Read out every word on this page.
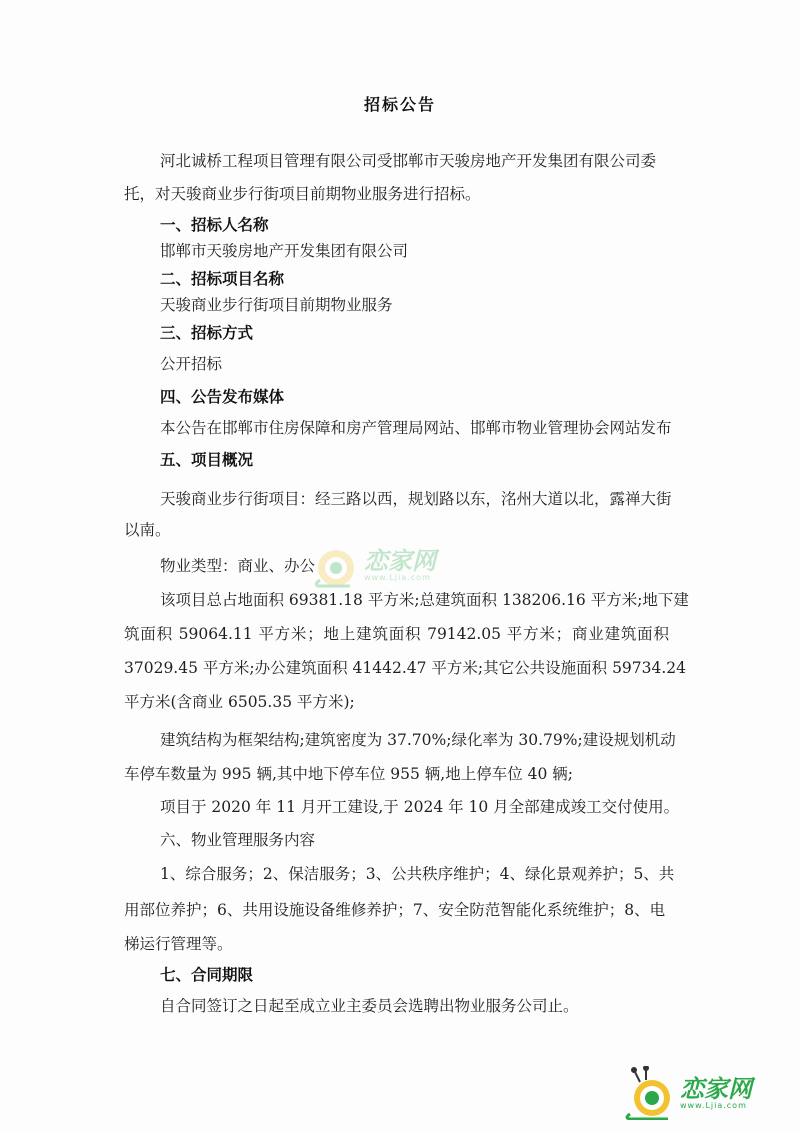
招标公告
河北诚桥工程项目管理有限公司受邯郸市天骏房地产开发集团有限公司委
托，对天骏商业步行街项目前期物业服务进行招标。
一、招标人名称
邯郸市天骏房地产开发集团有限公司
二、招标项目名称
天骏商业步行街项目前期物业服务
三、招标方式
公开招标
四、公告发布媒体
本公告在邯郸市住房保障和房产管理局网站、邯郸市物业管理协会网站发布
五、项目概况
天骏商业步行街项目：经三路以西，规划路以东，洺州大道以北，露禅大街
以南。
物业类型：商业、办公
该项目总占地面积 69381.18 平方米;总建筑面积 138206.16 平方米;地下建
筑面积 59064.11 平方米；地上建筑面积 79142.05 平方米；商业建筑面积
37029.45 平方米;办公建筑面积 41442.47 平方米;其它公共设施面积 59734.24
平方米(含商业 6505.35 平方米);
建筑结构为框架结构;建筑密度为 37.70%;绿化率为 30.79%;建设规划机动
车停车数量为 995 辆,其中地下停车位 955 辆,地上停车位 40 辆;
项目于 2020 年 11 月开工建设,于 2024 年 10 月全部建成竣工交付使用。
六、物业管理服务内容
1、综合服务；2、保洁服务；3、公共秩序维护；4、绿化景观养护；5、共
用部位养护；6、共用设施设备维修养护；7、安全防范智能化系统维护；8、电
梯运行管理等。
七、合同期限
自合同签订之日起至成立业主委员会选聘出物业服务公司止。
恋家网
www.Ljia.com
恋家网
www.Ljia.com
